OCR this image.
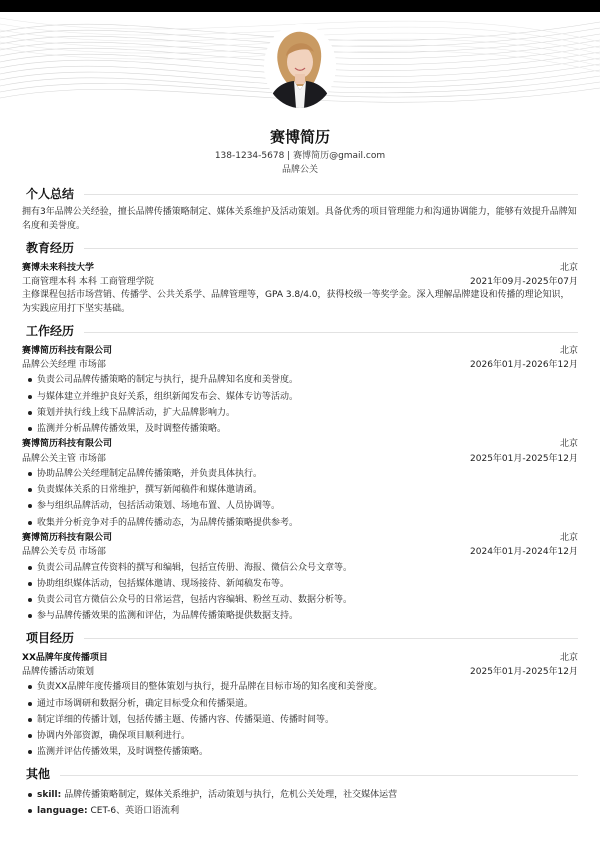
赛博简历
138-1234-5678 | 赛博简历@gmail.com
品牌公关
个人总结
拥有3年品牌公关经验，擅长品牌传播策略制定、媒体关系维护及活动策划。具备优秀的项目管理能力和沟通协调能力，能够有效提升品牌知名度和美誉度。
教育经历
赛博未来科技大学	北京
工商管理本科 本科 工商管理学院	2021年09月-2025年07月
主修课程包括市场营销、传播学、公共关系学、品牌管理等，GPA 3.8/4.0，获得校级一等奖学金。深入理解品牌建设和传播的理论知识，为实践应用打下坚实基础。
工作经历
赛博简历科技有限公司	北京
品牌公关经理 市场部	2026年01月-2026年12月
负责公司品牌传播策略的制定与执行，提升品牌知名度和美誉度。
与媒体建立并维护良好关系，组织新闻发布会、媒体专访等活动。
策划并执行线上线下品牌活动，扩大品牌影响力。
监测并分析品牌传播效果，及时调整传播策略。
赛博简历科技有限公司	北京
品牌公关主管 市场部	2025年01月-2025年12月
协助品牌公关经理制定品牌传播策略，并负责具体执行。
负责媒体关系的日常维护，撰写新闻稿件和媒体邀请函。
参与组织品牌活动，包括活动策划、场地布置、人员协调等。
收集并分析竞争对手的品牌传播动态，为品牌传播策略提供参考。
赛博简历科技有限公司	北京
品牌公关专员 市场部	2024年01月-2024年12月
负责公司品牌宣传资料的撰写和编辑，包括宣传册、海报、微信公众号文章等。
协助组织媒体活动，包括媒体邀请、现场接待、新闻稿发布等。
负责公司官方微信公众号的日常运营，包括内容编辑、粉丝互动、数据分析等。
参与品牌传播效果的监测和评估，为品牌传播策略提供数据支持。
项目经历
XX品牌年度传播项目	北京
品牌传播活动策划	2025年01月-2025年12月
负责XX品牌年度传播项目的整体策划与执行，提升品牌在目标市场的知名度和美誉度。
通过市场调研和数据分析，确定目标受众和传播渠道。
制定详细的传播计划，包括传播主题、传播内容、传播渠道、传播时间等。
协调内外部资源，确保项目顺利进行。
监测并评估传播效果，及时调整传播策略。
其他
skill: 品牌传播策略制定，媒体关系维护，活动策划与执行，危机公关处理，社交媒体运营
language: CET-6、英语口语流利
